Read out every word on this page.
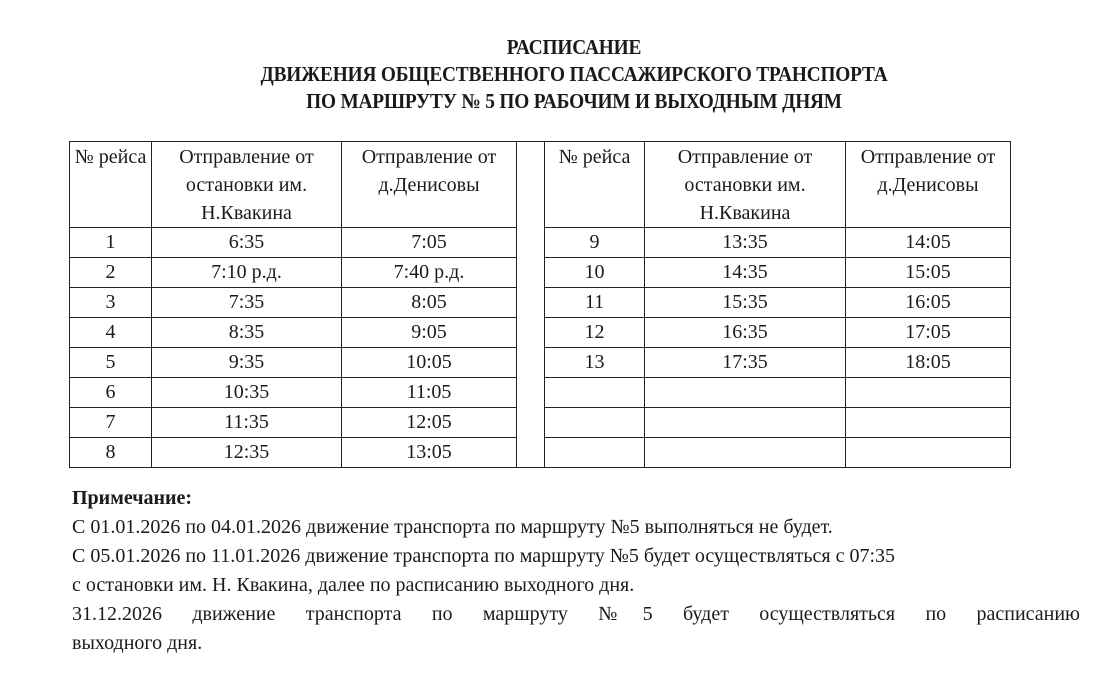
РАСПИСАНИЕ
ДВИЖЕНИЯ ОБЩЕСТВЕННОГО ПАССАЖИРСКОГО ТРАНСПОРТА
ПО МАРШРУТУ № 5 ПО РАБОЧИМ И ВЫХОДНЫМ ДНЯМ
№ рейса	Отправление от остановки им. Н.Квакина	Отправление от д.Денисовы		№ рейса	Отправление от остановки им. Н.Квакина	Отправление от д.Денисовы
1	6:35	7:05		9	13:35	14:05
2	7:10 р.д.	7:40 р.д.		10	14:35	15:05
3	7:35	8:05		11	15:35	16:05
4	8:35	9:05		12	16:35	17:05
5	9:35	10:05		13	17:35	18:05
6	10:35	11:05				
7	11:35	12:05				
8	12:35	13:05				

Примечание:

С 01.01.2026 по 04.01.2026 движение транспорта по маршруту №5 выполняться не будет.

С 05.01.2026 по 11.01.2026 движение транспорта по маршруту №5 будет осуществляться с 07:35

с остановки им. Н. Квакина, далее по расписанию выходного дня.

31.12.2026 движение транспорта по маршруту №5 будет осуществляться по расписанию

выходного дня.
